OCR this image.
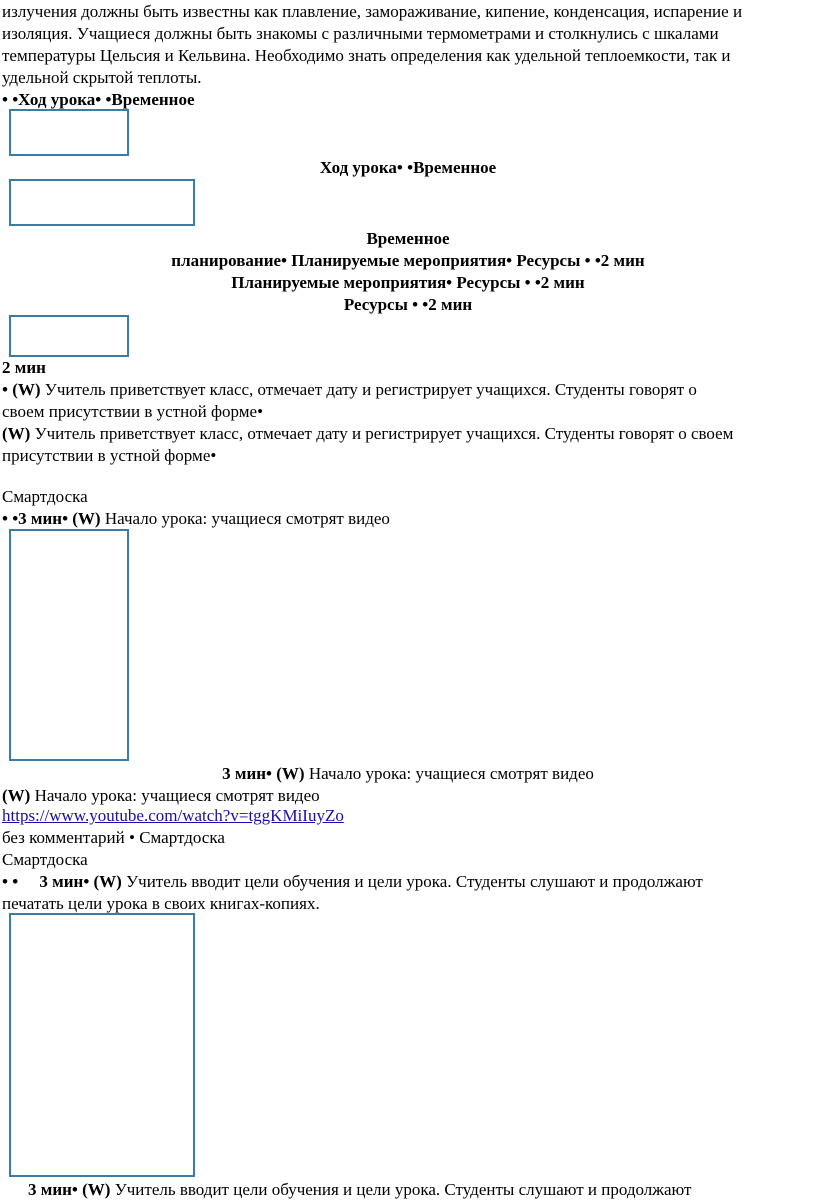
излучения должны быть известны как плавление, замораживание, кипение, конденсация, испарение и
изоляция. Учащиеся должны быть знакомы с различными термометрами и столкнулись с шкалами
температуры Цельсия и Кельвина. Необходимо знать определения как удельной теплоемкости, так и
удельной скрытой теплоты.
• •Ход урока• •Временное
Ход урока• •Временное
Временное
планирование• Планируемые мероприятия• Ресурсы • •2 мин
Планируемые мероприятия• Ресурсы • •2 мин
Ресурсы • •2 мин
2 мин
• (W) Учитель приветствует класс, отмечает дату и регистрирует учащихся. Студенты говорят о
своем присутствии в устной форме•
(W) Учитель приветствует класс, отмечает дату и регистрирует учащихся. Студенты говорят о своем
присутствии в устной форме•
Смартдоска
• •3 мин• (W) Начало урока: учащиеся смотрят видео
3 мин• (W) Начало урока: учащиеся смотрят видео
(W) Начало урока: учащиеся смотрят видео
https://www.youtube.com/watch?v=tggKMiIuyZo
без комментарий • Смартдоска
Смартдоска
• •     3 мин• (W) Учитель вводит цели обучения и цели урока. Студенты слушают и продолжают
печатать цели урока в своих книгах-копиях.
3 мин• (W) Учитель вводит цели обучения и цели урока. Студенты слушают и продолжают
